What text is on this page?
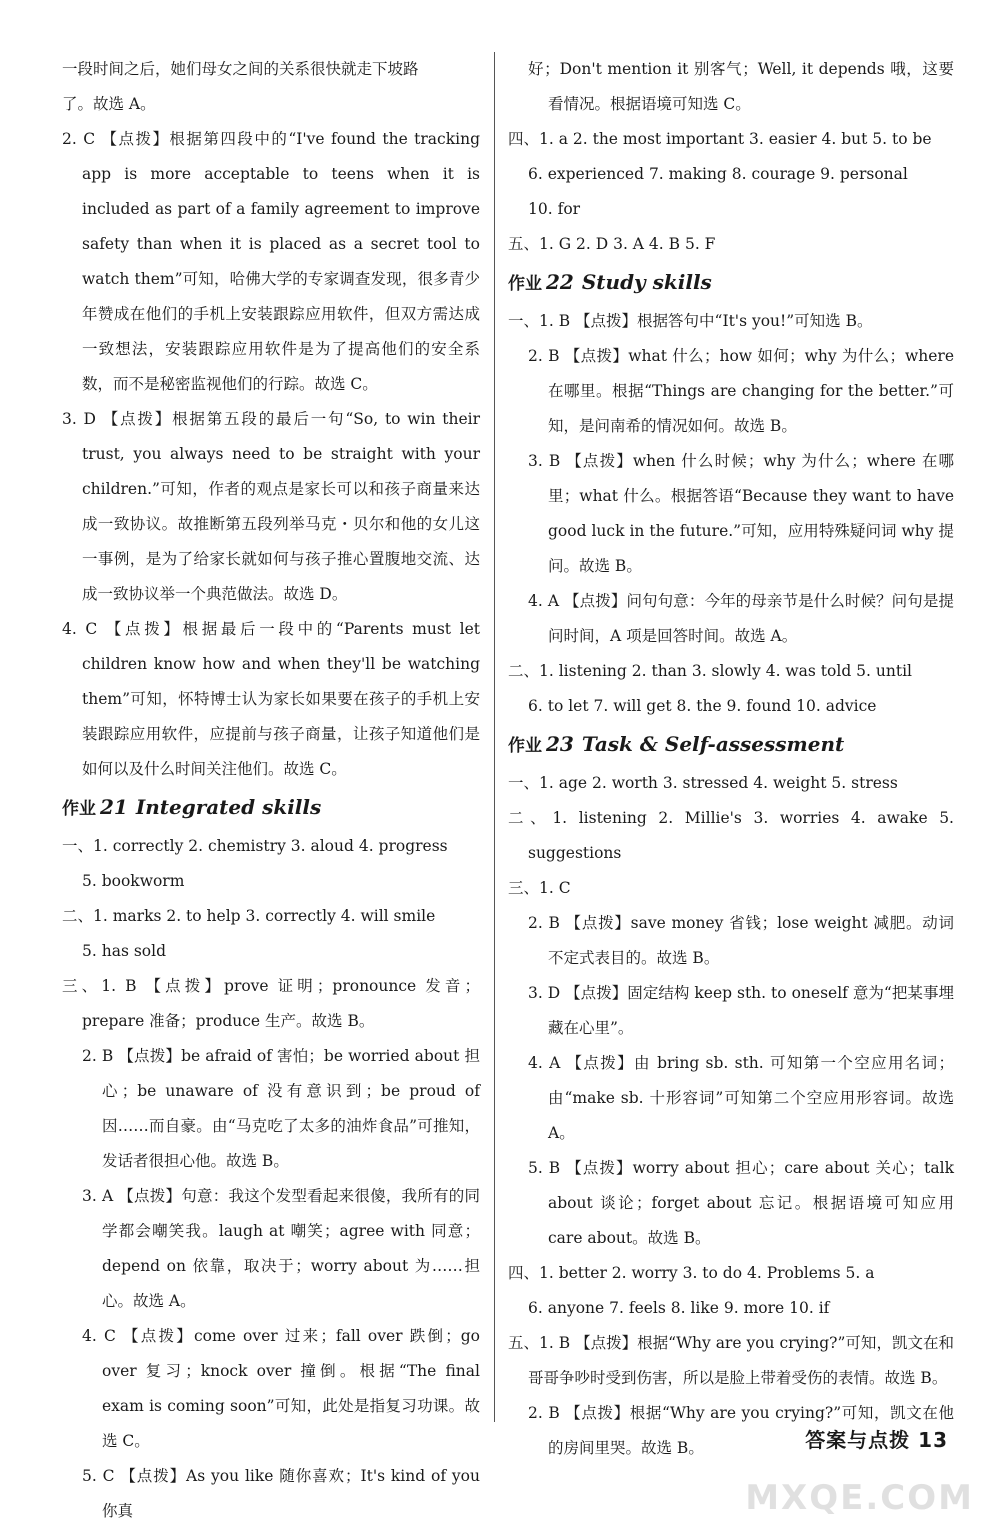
一段时间之后，她们母女之间的关系很快就走下坡路

了。故选 A。

2. C 【点拨】根据第四段中的“I've found the tracking app is more acceptable to teens when it is included as part of a family agreement to improve safety than when it is placed as a secret tool to watch them”可知，哈佛大学的专家调查发现，很多青少年赞成在他们的手机上安装跟踪应用软件，但双方需达成一致想法，安装跟踪应用软件是为了提高他们的安全系数，而不是秘密监视他们的行踪。故选 C。

3. D 【点拨】根据第五段的最后一句“So, to win their trust, you always need to be straight with your children.”可知，作者的观点是家长可以和孩子商量来达成一致协议。故推断第五段列举马克・贝尔和他的女儿这一事例，是为了给家长就如何与孩子推心置腹地交流、达成一致协议举一个典范做法。故选 D。

4. C 【点拨】根据最后一段中的“Parents must let children know how and when they'll be watching them”可知，怀特博士认为家长如果要在孩子的手机上安装跟踪应用软件，应提前与孩子商量，让孩子知道他们是如何以及什么时间关注他们。故选 C。

作业 21 Integrated skills

一、1. correctly 2. chemistry 3. aloud 4. progress

5. bookworm

二、1. marks 2. to help 3. correctly 4. will smile

5. has sold

三、1. B 【点拨】prove 证明；pronounce 发音；prepare 准备；produce 生产。故选 B。

2. B 【点拨】be afraid of 害怕；be worried about 担心；be unaware of 没有意识到；be proud of 因……而自豪。由“马克吃了太多的油炸食品”可推知，发话者很担心他。故选 B。

3. A 【点拨】句意：我这个发型看起来很傻，我所有的同学都会嘲笑我。laugh at 嘲笑；agree with 同意；depend on 依靠，取决于；worry about 为……担心。故选 A。

4. C 【点拨】come over 过来；fall over 跌倒；go over 复习；knock over 撞倒。根据“The final exam is coming soon”可知，此处是指复习功课。故选 C。

5. C 【点拨】As you like 随你喜欢；It's kind of you 你真

好；Don't mention it 别客气；Well, it depends 哦，这要看情况。根据语境可知选 C。

四、1. a 2. the most important 3. easier 4. but 5. to be

6. experienced 7. making 8. courage 9. personal

10. for

五、1. G 2. D 3. A 4. B 5. F

作业 22 Study skills

一、1. B 【点拨】根据答句中“It's you!”可知选 B。

2. B 【点拨】what 什么；how 如何；why 为什么；where 在哪里。根据“Things are changing for the better.”可知，是问南希的情况如何。故选 B。

3. B 【点拨】when 什么时候；why 为什么；where 在哪里；what 什么。根据答语“Because they want to have good luck in the future.”可知，应用特殊疑问词 why 提问。故选 B。

4. A 【点拨】问句句意：今年的母亲节是什么时候？问句是提问时间，A 项是回答时间。故选 A。

二、1. listening 2. than 3. slowly 4. was told 5. until

6. to let 7. will get 8. the 9. found 10. advice

作业 23 Task & Self-assessment

一、1. age 2. worth 3. stressed 4. weight 5. stress

二、1. listening 2. Millie's 3. worries 4. awake 5. suggestions

三、1. C

2. B 【点拨】save money 省钱；lose weight 减肥。动词不定式表目的。故选 B。

3. D 【点拨】固定结构 keep sth. to oneself 意为“把某事埋藏在心里”。

4. A 【点拨】由 bring sb. sth. 可知第一个空应用名词；由“make sb. 十形容词”可知第二个空应用形容词。故选 A。

5. B 【点拨】worry about 担心；care about 关心；talk about 谈论；forget about 忘记。根据语境可知应用 care about。故选 B。

四、1. better 2. worry 3. to do 4. Problems 5. a

6. anyone 7. feels 8. like 9. more 10. if

五、1. B 【点拨】根据“Why are you crying?”可知，凯文在和哥哥争吵时受到伤害，所以是脸上带着受伤的表情。故选 B。

2. B 【点拨】根据“Why are you crying?”可知，凯文在他的房间里哭。故选 B。	答案与点拨 13
MXQE.COM
